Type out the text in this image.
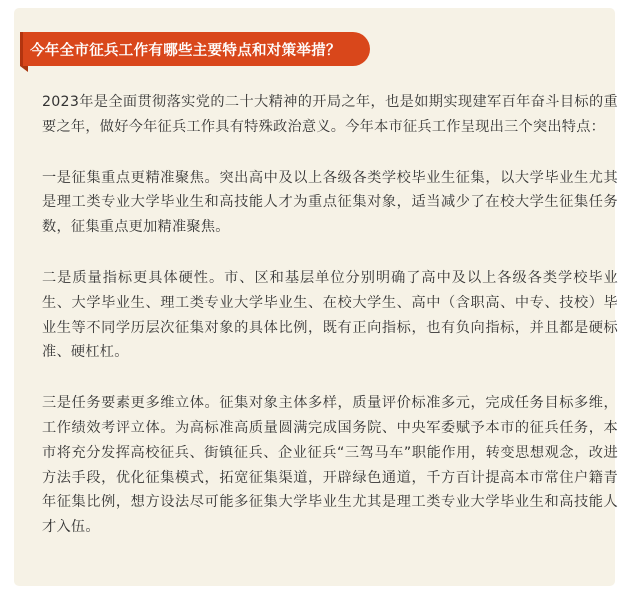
今年全市征兵工作有哪些主要特点和对策举措？

2023年是全面贯彻落实党的二十大精神的开局之年，也是如期实现建军百年奋斗目标的重要之年，做好今年征兵工作具有特殊政治意义。今年本市征兵工作呈现出三个突出特点：

一是征集重点更精准聚焦。突出高中及以上各级各类学校毕业生征集，以大学毕业生尤其是理工类专业大学毕业生和高技能人才为重点征集对象，适当减少了在校大学生征集任务数，征集重点更加精准聚焦。

二是质量指标更具体硬性。市、区和基层单位分别明确了高中及以上各级各类学校毕业生、大学毕业生、理工类专业大学毕业生、在校大学生、高中（含职高、中专、技校）毕业生等不同学历层次征集对象的具体比例，既有正向指标，也有负向指标，并且都是硬标准、硬杠杠。

三是任务要素更多维立体。征集对象主体多样，质量评价标准多元，完成任务目标多维，工作绩效考评立体。为高标准高质量圆满完成国务院、中央军委赋予本市的征兵任务，本市将充分发挥高校征兵、街镇征兵、企业征兵“三驾马车”职能作用，转变思想观念，改进方法手段，优化征集模式，拓宽征集渠道，开辟绿色通道，千方百计提高本市常住户籍青年征集比例，想方设法尽可能多征集大学毕业生尤其是理工类专业大学毕业生和高技能人才入伍。
